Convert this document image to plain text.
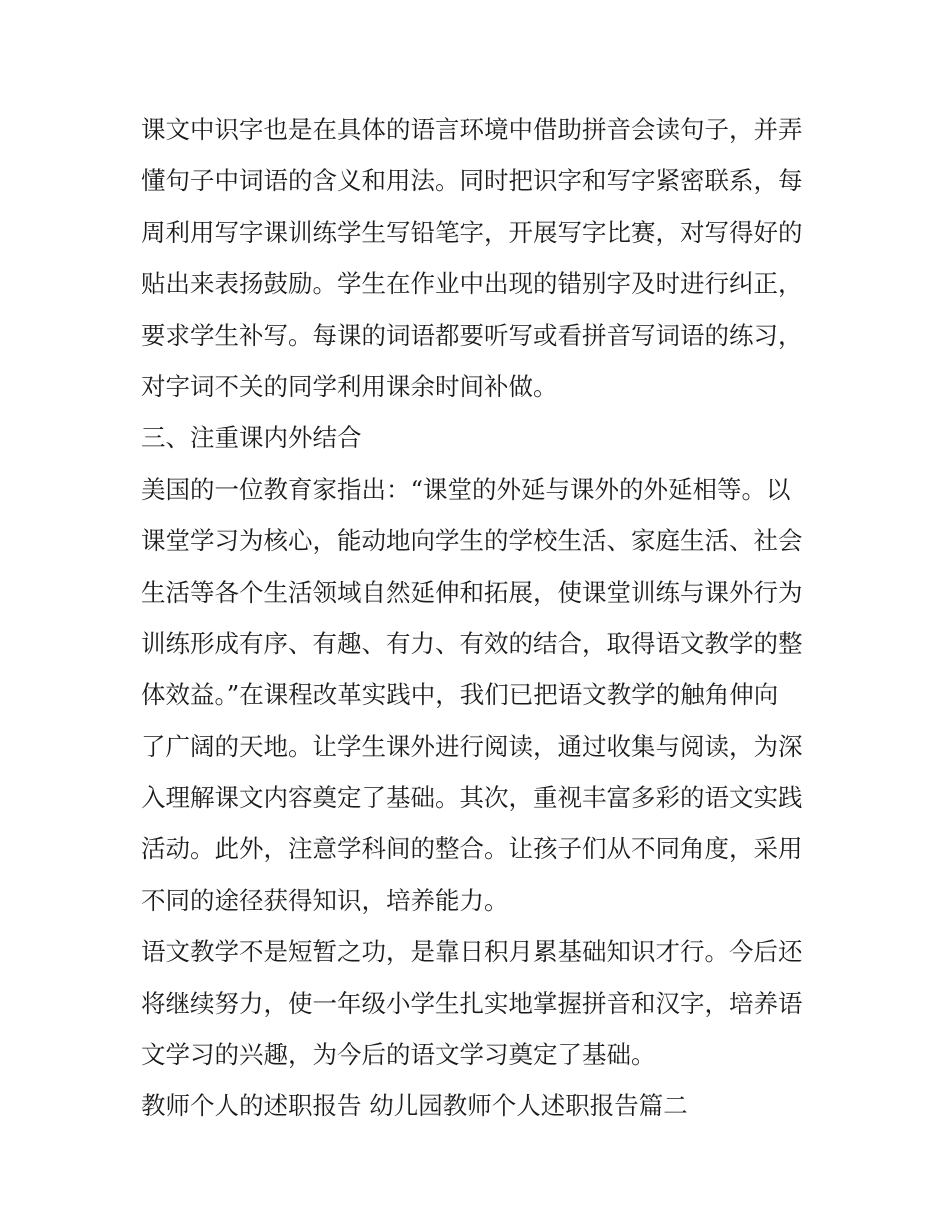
课文中识字也是在具体的语言环境中借助拼音会读句子，并弄
懂句子中词语的含义和用法。同时把识字和写字紧密联系，每
周利用写字课训练学生写铅笔字，开展写字比赛，对写得好的
贴出来表扬鼓励。学生在作业中出现的错别字及时进行纠正，
要求学生补写。每课的词语都要听写或看拼音写词语的练习，
对字词不关的同学利用课余时间补做。
三、注重课内外结合
美国的一位教育家指出：“课堂的外延与课外的外延相等。以
课堂学习为核心，能动地向学生的学校生活、家庭生活、社会
生活等各个生活领域自然延伸和拓展，使课堂训练与课外行为
训练形成有序、有趣、有力、有效的结合，取得语文教学的整
体效益。”在课程改革实践中，我们已把语文教学的触角伸向
了广阔的天地。让学生课外进行阅读，通过收集与阅读，为深
入理解课文内容奠定了基础。其次，重视丰富多彩的语文实践
活动。此外，注意学科间的整合。让孩子们从不同角度，采用
不同的途径获得知识，培养能力。
语文教学不是短暂之功，是靠日积月累基础知识才行。今后还
将继续努力，使一年级小学生扎实地掌握拼音和汉字，培养语
文学习的兴趣，为今后的语文学习奠定了基础。
教师个人的述职报告 幼儿园教师个人述职报告篇二
